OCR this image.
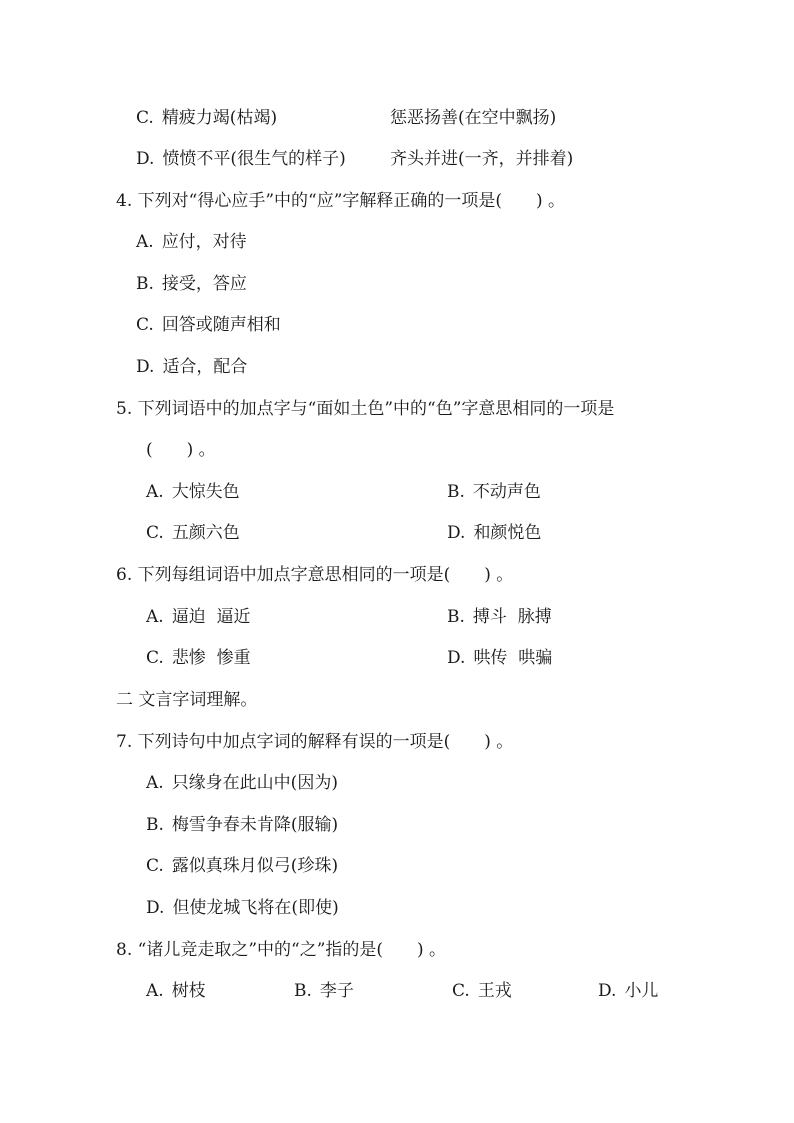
C. 精疲力竭(枯竭)	惩恶扬善(在空中飘扬)
D. 愤愤不平(很生气的样子)	齐头并进(一齐，并排着)
4. 下列对“得心应手”中的“应”字解释正确的一项是(　　) 。
A. 应付，对待
B. 接受，答应
C. 回答或随声相和
D. 适合，配合
5. 下列词语中的加点字与“面如土色”中的“色”字意思相同的一项是
(　　) 。
A. 大惊失色	B. 不动声色
C. 五颜六色	D. 和颜悦色
6. 下列每组词语中加点字意思相同的一项是(　　) 。
A. 逼迫  逼近	B. 搏斗  脉搏
C. 悲惨  惨重	D. 哄传  哄骗
二 文言字词理解。
7. 下列诗句中加点字词的解释有误的一项是(　　) 。
A. 只缘身在此山中(因为)
B. 梅雪争春未肯降(服输)
C. 露似真珠月似弓(珍珠)
D. 但使龙城飞将在(即使)
8. “诸儿竞走取之”中的“之”指的是(　　) 。
A. 树枝	B. 李子	C. 王戎	D. 小儿
